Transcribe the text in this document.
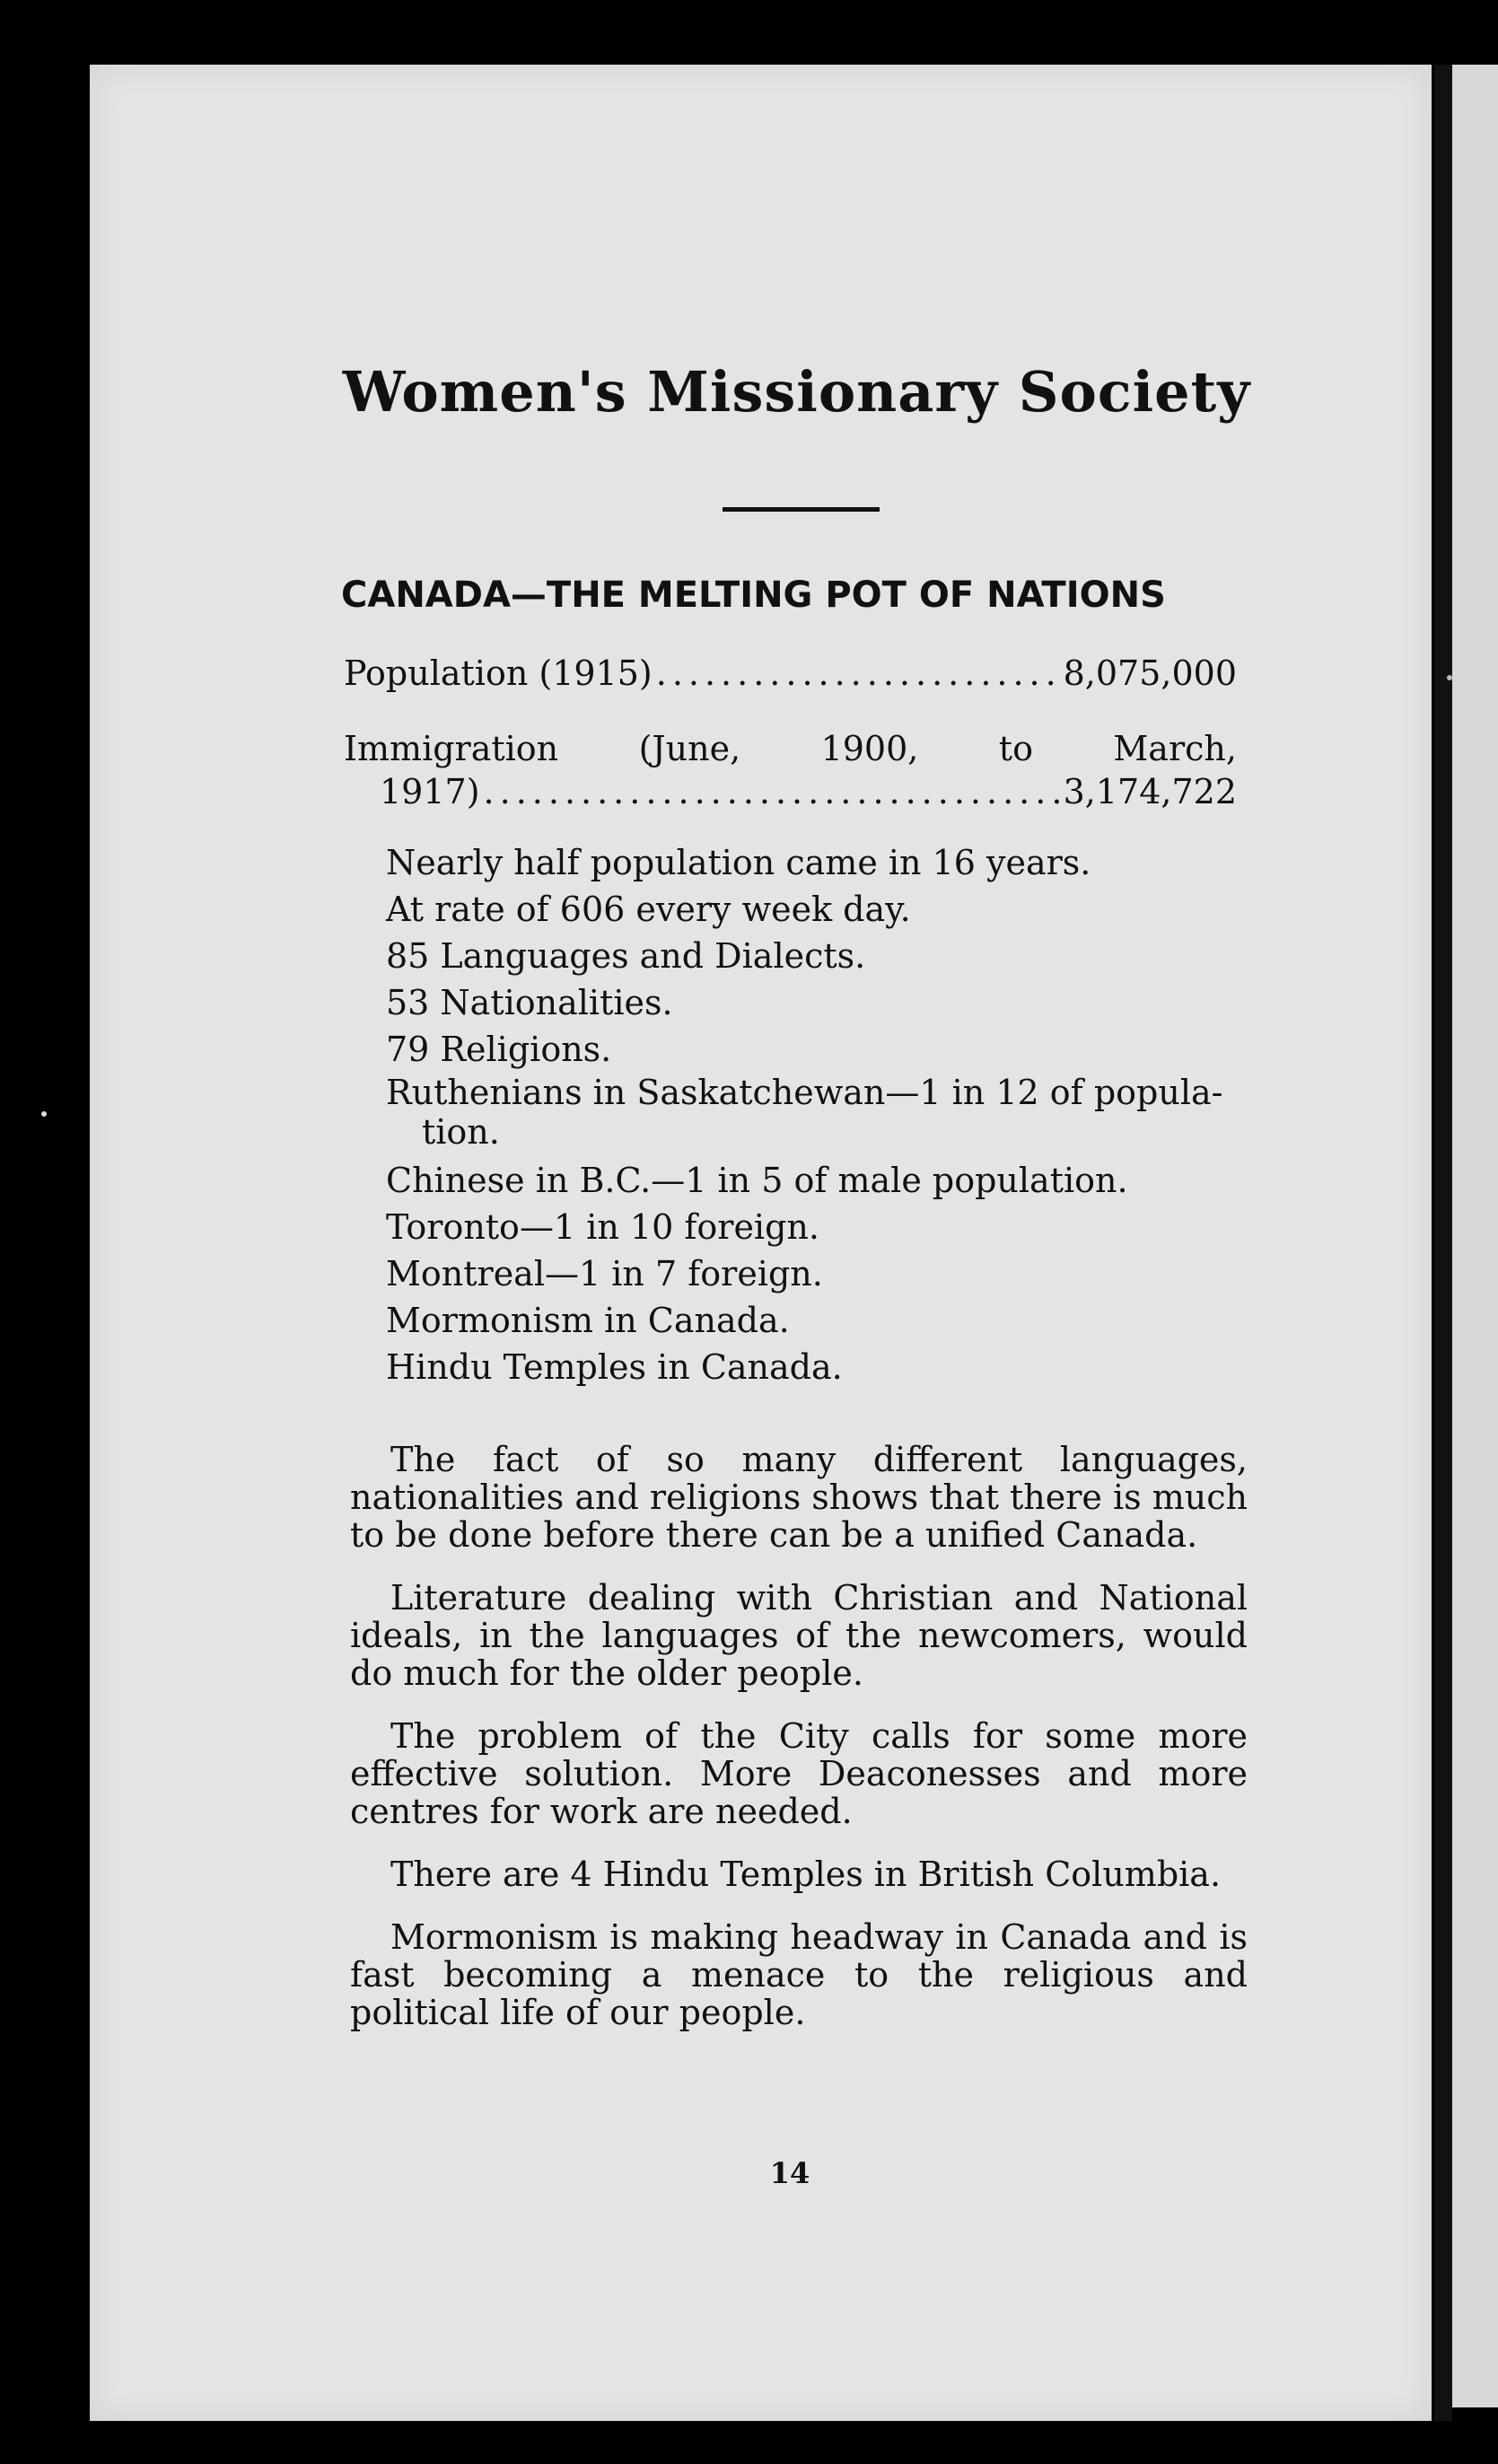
Women's Missionary Society
CANADA—THE MELTING POT OF NATIONS
Population (1915) .....	8,075,000
Immigration (June, 1900, to March,
1917) .....	3,174,722
Nearly half population came in 16 years.
At rate of 606 every week day.
85 Languages and Dialects.
53 Nationalities.
79 Religions.
Ruthenians in Saskatchewan—1 in 12 of popula-
tion.
Chinese in B.C.—1 in 5 of male population.
Toronto—1 in 10 foreign.
Montreal—1 in 7 foreign.
Mormonism in Canada.
Hindu Temples in Canada.

The fact of so many different languages, nationalities and religions shows that there is much to be done before there can be a unified Canada.

Literature dealing with Christian and National ideals, in the languages of the newcomers, would do much for the older people.

The problem of the City calls for some more effective solution. More Deaconesses and more centres for work are needed.

There are 4 Hindu Temples in British Columbia.

Mormonism is making headway in Canada and is fast becoming a menace to the religious and political life of our people.

14
